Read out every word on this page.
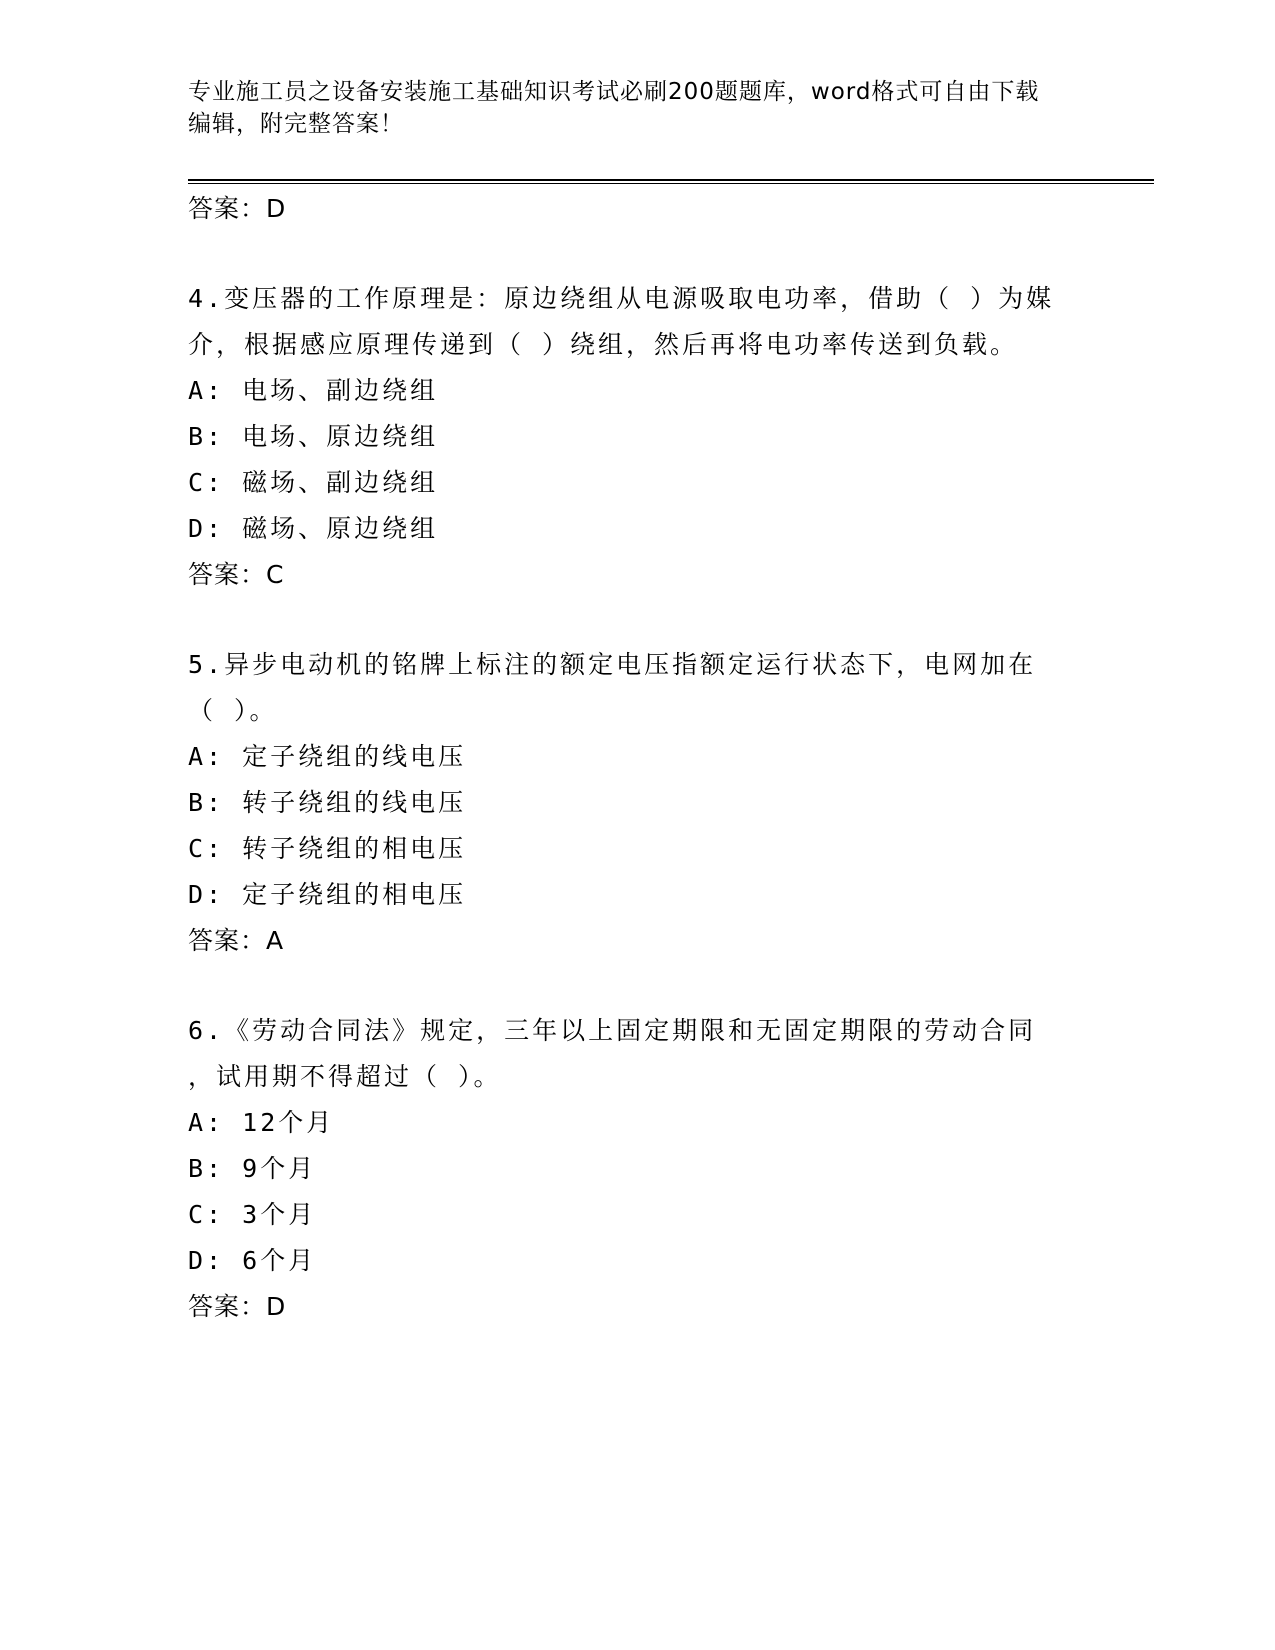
专业施工员之设备安装施工基础知识考试必刷200题题库，word格式可自由下载
编辑，附完整答案！
答案：D
4.变压器的工作原理是：原边绕组从电源吸取电功率，借助（ ）为媒
介，根据感应原理传递到（ ）绕组，然后再将电功率传送到负载。
A: 电场、副边绕组
B: 电场、原边绕组
C: 磁场、副边绕组
D: 磁场、原边绕组
答案：C
5.异步电动机的铭牌上标注的额定电压指额定运行状态下，电网加在
（ ）。
A: 定子绕组的线电压
B: 转子绕组的线电压
C: 转子绕组的相电压
D: 定子绕组的相电压
答案：A
6.《劳动合同法》规定，三年以上固定期限和无固定期限的劳动合同
，试用期不得超过（ ）。
A: 12个月
B: 9个月
C: 3个月
D: 6个月
答案：D
